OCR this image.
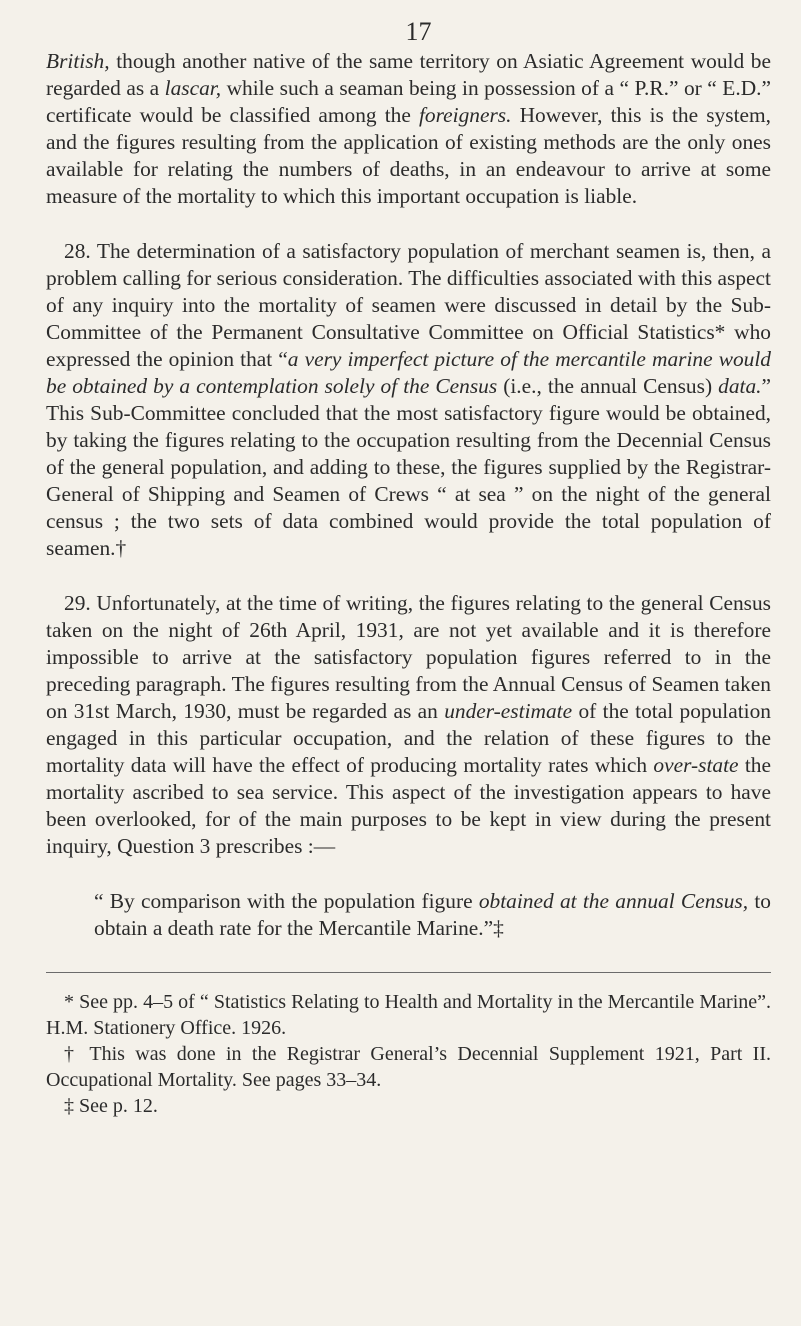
17

British, though another native of the same territory on Asiatic Agreement would be regarded as a lascar, while such a seaman being in possession of a “ P.R.” or “ E.D.” certificate would be classified among the foreigners. However, this is the system, and the figures resulting from the application of existing methods are the only ones available for relating the numbers of deaths, in an endeavour to arrive at some measure of the mortality to which this important occupation is liable.

28. The determination of a satisfactory population of merchant seamen is, then, a problem calling for serious consideration. The difficulties associated with this aspect of any inquiry into the mortality of seamen were discussed in detail by the Sub-Committee of the Permanent Consultative Committee on Official Statistics* who expressed the opinion that “a very imperfect picture of the mercantile marine would be obtained by a contemplation solely of the Census (i.e., the annual Census) data.” This Sub-Committee concluded that the most satisfactory figure would be obtained, by taking the figures relating to the occupation resulting from the Decennial Census of the general population, and adding to these, the figures supplied by the Registrar-General of Shipping and Seamen of Crews “ at sea ” on the night of the general census ; the two sets of data combined would provide the total population of seamen.†

29. Unfortunately, at the time of writing, the figures relating to the general Census taken on the night of 26th April, 1931, are not yet available and it is therefore impossible to arrive at the satisfactory population figures referred to in the preceding paragraph. The figures resulting from the Annual Census of Seamen taken on 31st March, 1930, must be regarded as an under-estimate of the total population engaged in this particular occupation, and the relation of these figures to the mortality data will have the effect of producing mortality rates which over-state the mortality ascribed to sea service. This aspect of the investigation appears to have been overlooked, for of the main purposes to be kept in view during the present inquiry, Question 3 prescribes :—

“ By comparison with the population figure obtained at the annual Census, to obtain a death rate for the Mercantile Marine.”‡

* See pp. 4–5 of “ Statistics Relating to Health and Mortality in the Mercantile Marine”. H.M. Stationery Office. 1926.

† This was done in the Registrar General’s Decennial Supplement 1921, Part II. Occupational Mortality. See pages 33–34.

‡ See p. 12.
